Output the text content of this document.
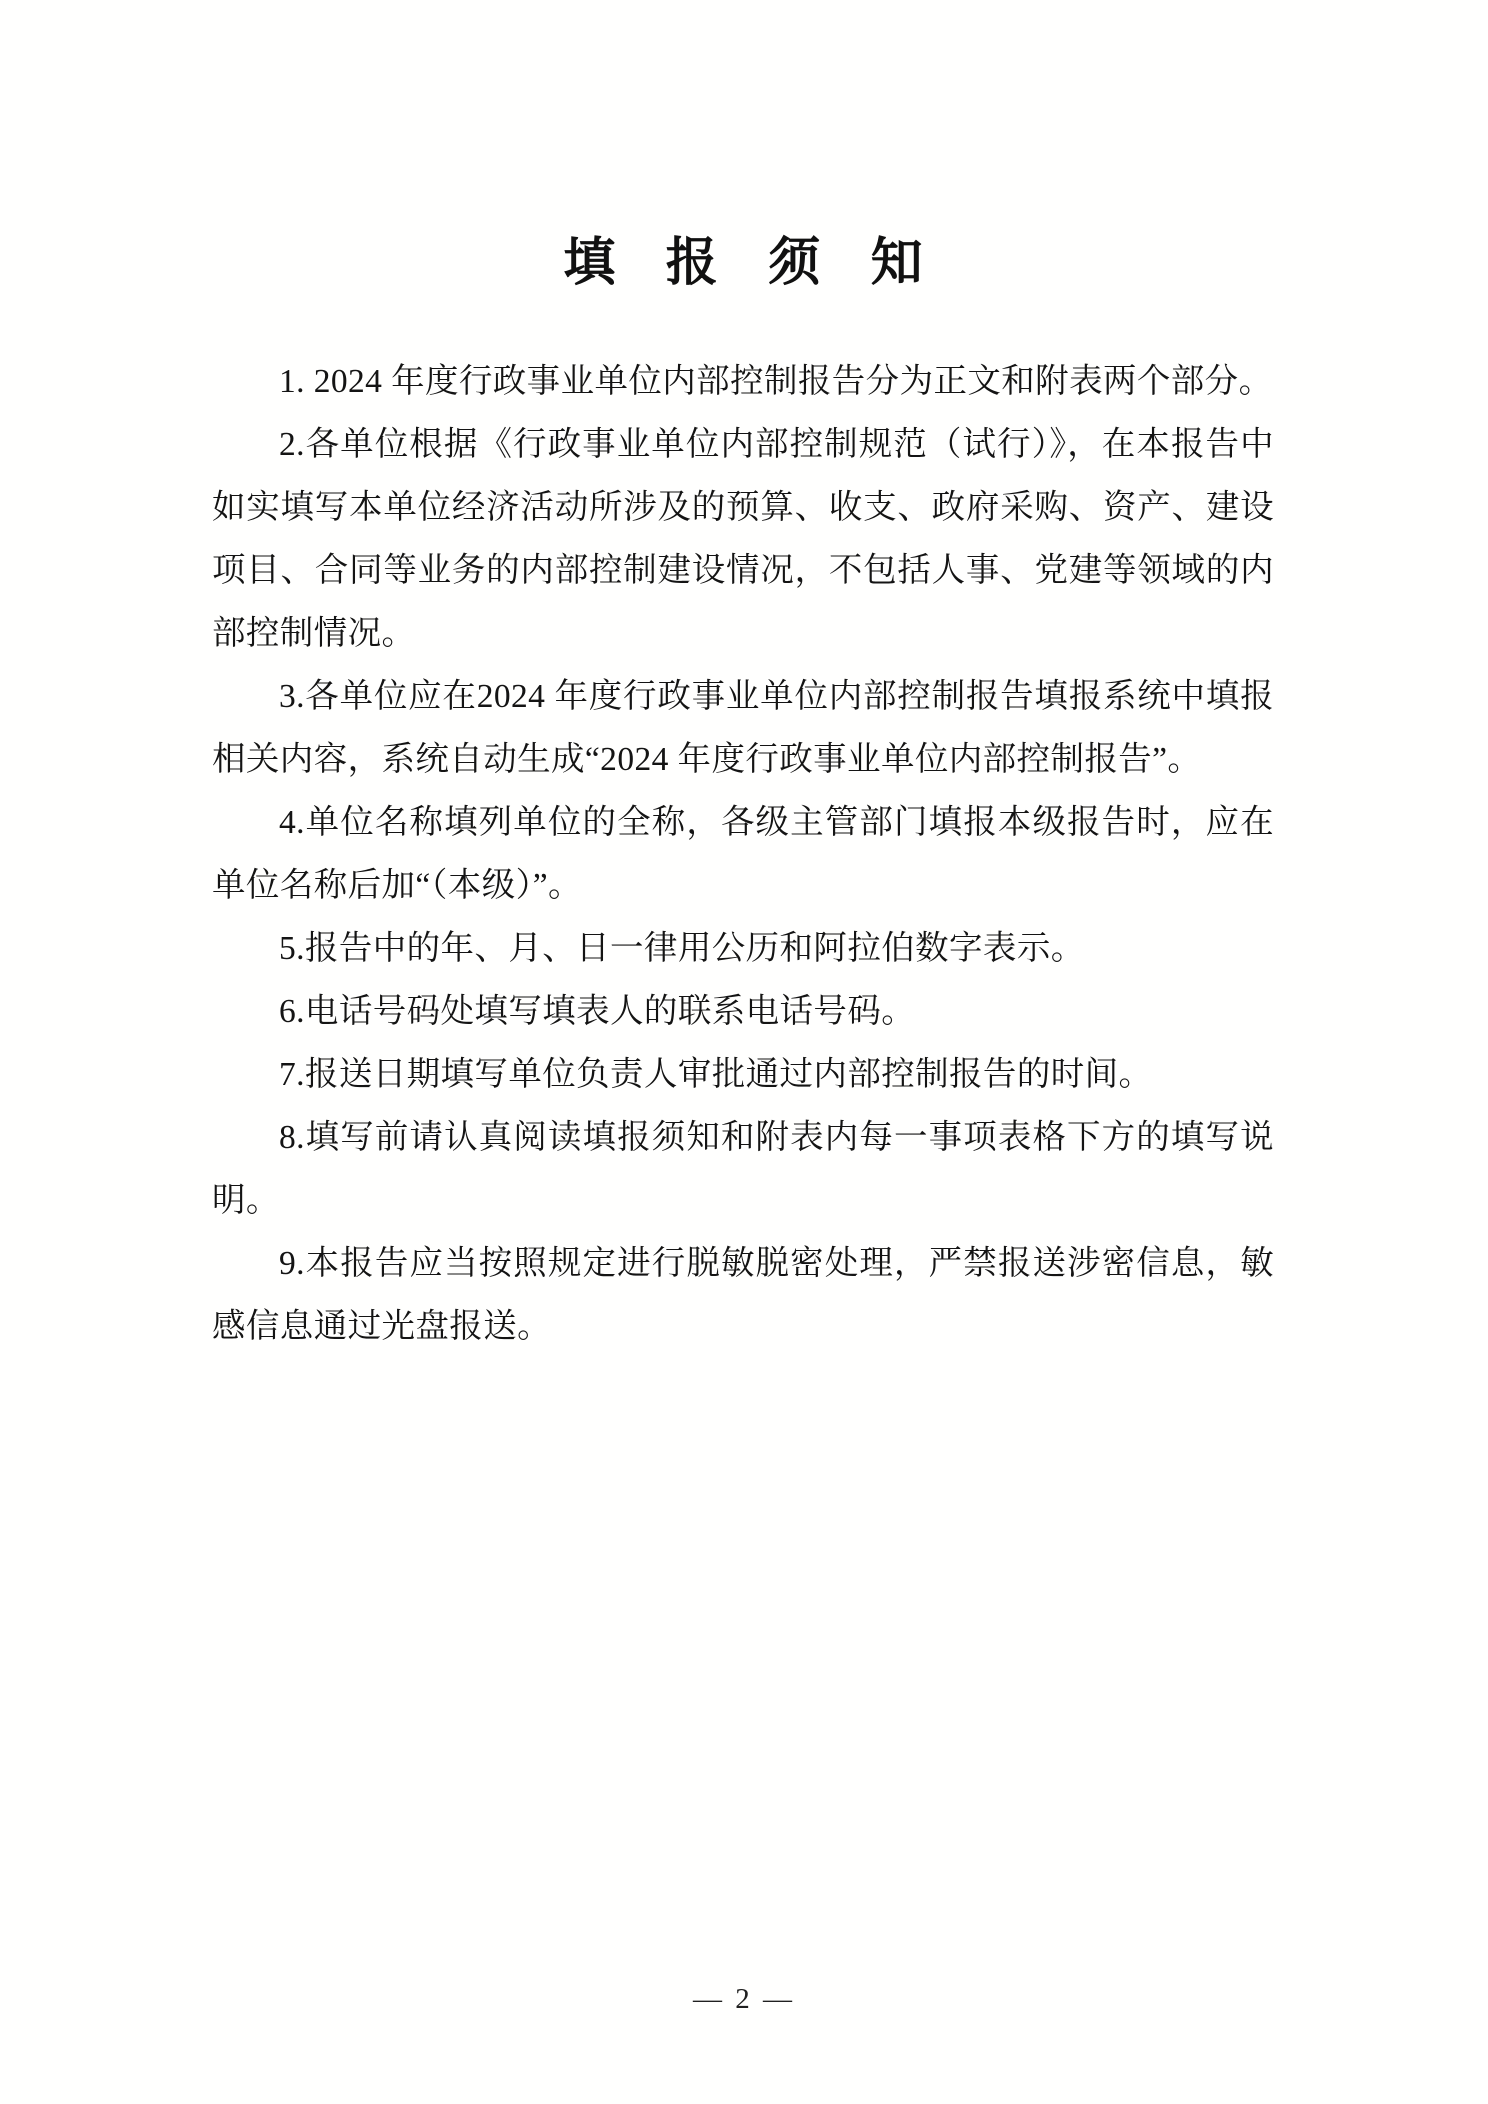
填 报 须 知

1. 2024 年度行政事业单位内部控制报告分为正文和附表两个部分。

2.各单位根据《行政事业单位内部控制规范（试行）》，在本报告中如实填写本单位经济活动所涉及的预算、收支、政府采购、资产、建设项目、合同等业务的内部控制建设情况，不包括人事、党建等领域的内部控制情况。

3.各单位应在2024 年度行政事业单位内部控制报告填报系统中填报相关内容，系统自动生成“2024 年度行政事业单位内部控制报告”。

4.单位名称填列单位的全称，各级主管部门填报本级报告时，应在单位名称后加“（本级）”。

5.报告中的年、月、日一律用公历和阿拉伯数字表示。

6.电话号码处填写填表人的联系电话号码。

7.报送日期填写单位负责人审批通过内部控制报告的时间。

8.填写前请认真阅读填报须知和附表内每一事项表格下方的填写说明。

9.本报告应当按照规定进行脱敏脱密处理，严禁报送涉密信息，敏感信息通过光盘报送。

— 2 —
